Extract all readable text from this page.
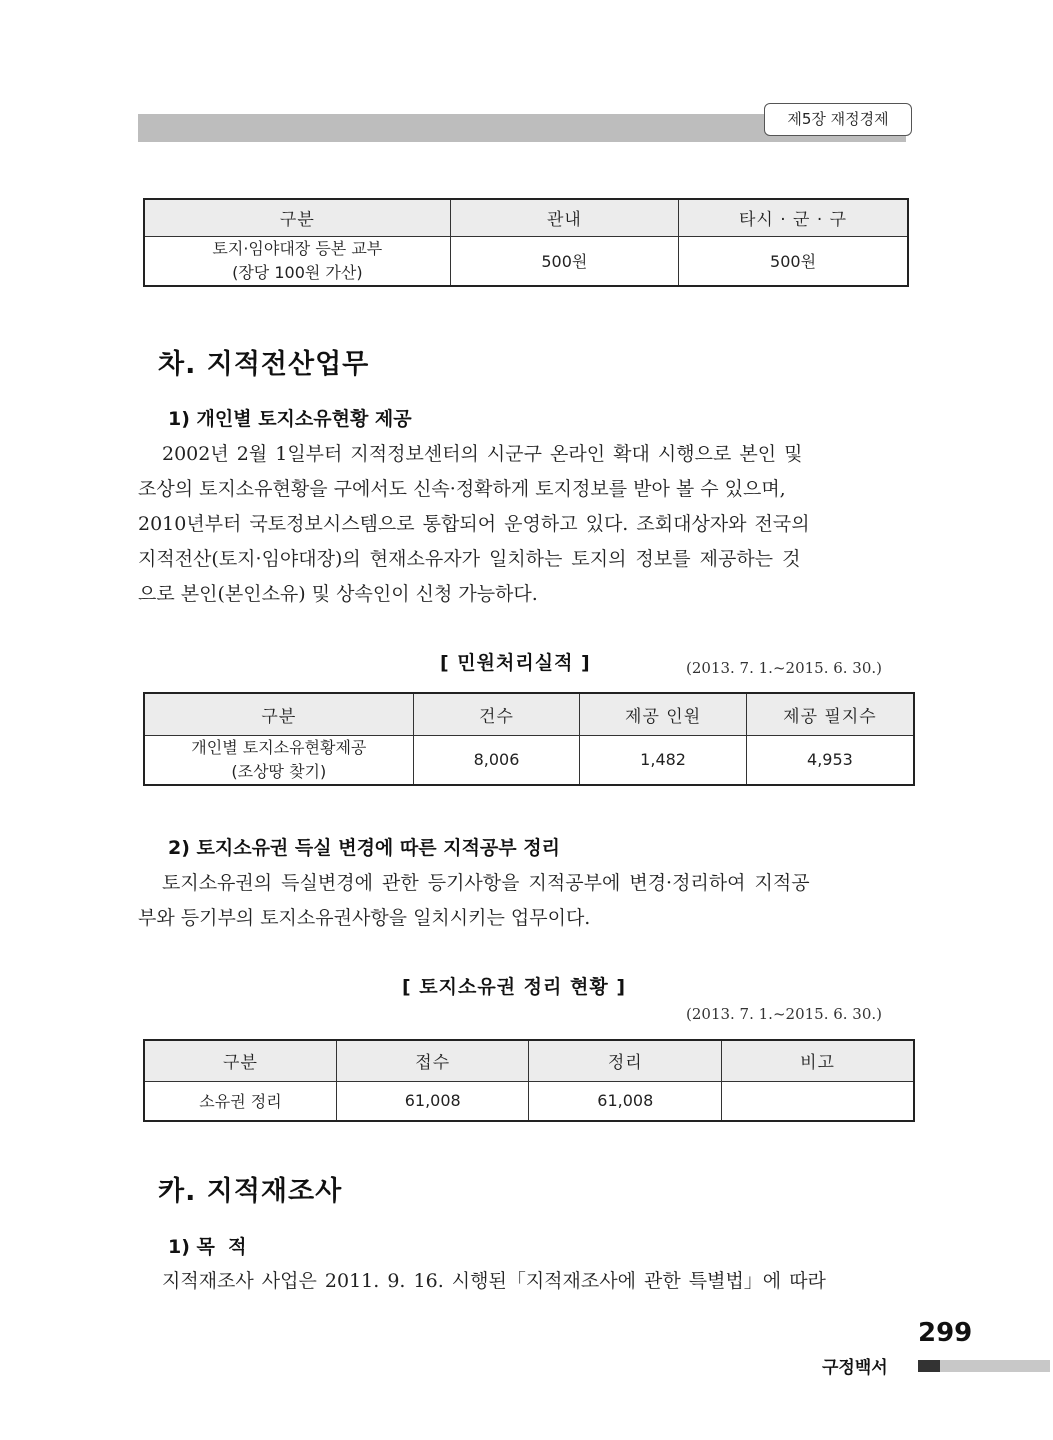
제5장 재정경제
구분	관내	타시 · 군 · 구

토지·임야대장 등본 교부
(장당 100원 가산)	500원	500원
차. 지적전산업무
1) 개인별 토지소유현황 제공
2002년 2월 1일부터 지적정보센터의 시군구 온라인 확대 시행으로 본인 및
조상의 토지소유현황을 구에서도 신속·정확하게 토지정보를 받아 볼 수 있으며,
2010년부터 국토정보시스템으로 통합되어 운영하고 있다. 조회대상자와 전국의
지적전산(토지·임야대장)의 현재소유자가 일치하는 토지의 정보를 제공하는 것
으로 본인(본인소유) 및 상속인이 신청 가능하다.
[ 민원처리실적 ]	(2013. 7. 1.~2015. 6. 30.)
구분	건수	제공 인원	제공 필지수

개인별 토지소유현황제공
(조상땅 찾기)	8,006	1,482	4,953
2) 토지소유권 득실 변경에 따른 지적공부 정리
토지소유권의 득실변경에 관한 등기사항을 지적공부에 변경·정리하여 지적공
부와 등기부의 토지소유권사항을 일치시키는 업무이다.
[ 토지소유권 정리 현황 ]
(2013. 7. 1.~2015. 6. 30.)
구분	접수	정리	비고
소유권 정리	61,008	61,008	
카. 지적재조사
1) 목  적
지적재조사 사업은 2011. 9. 16. 시행된「지적재조사에 관한 특별법」에 따라
299
구정백서
